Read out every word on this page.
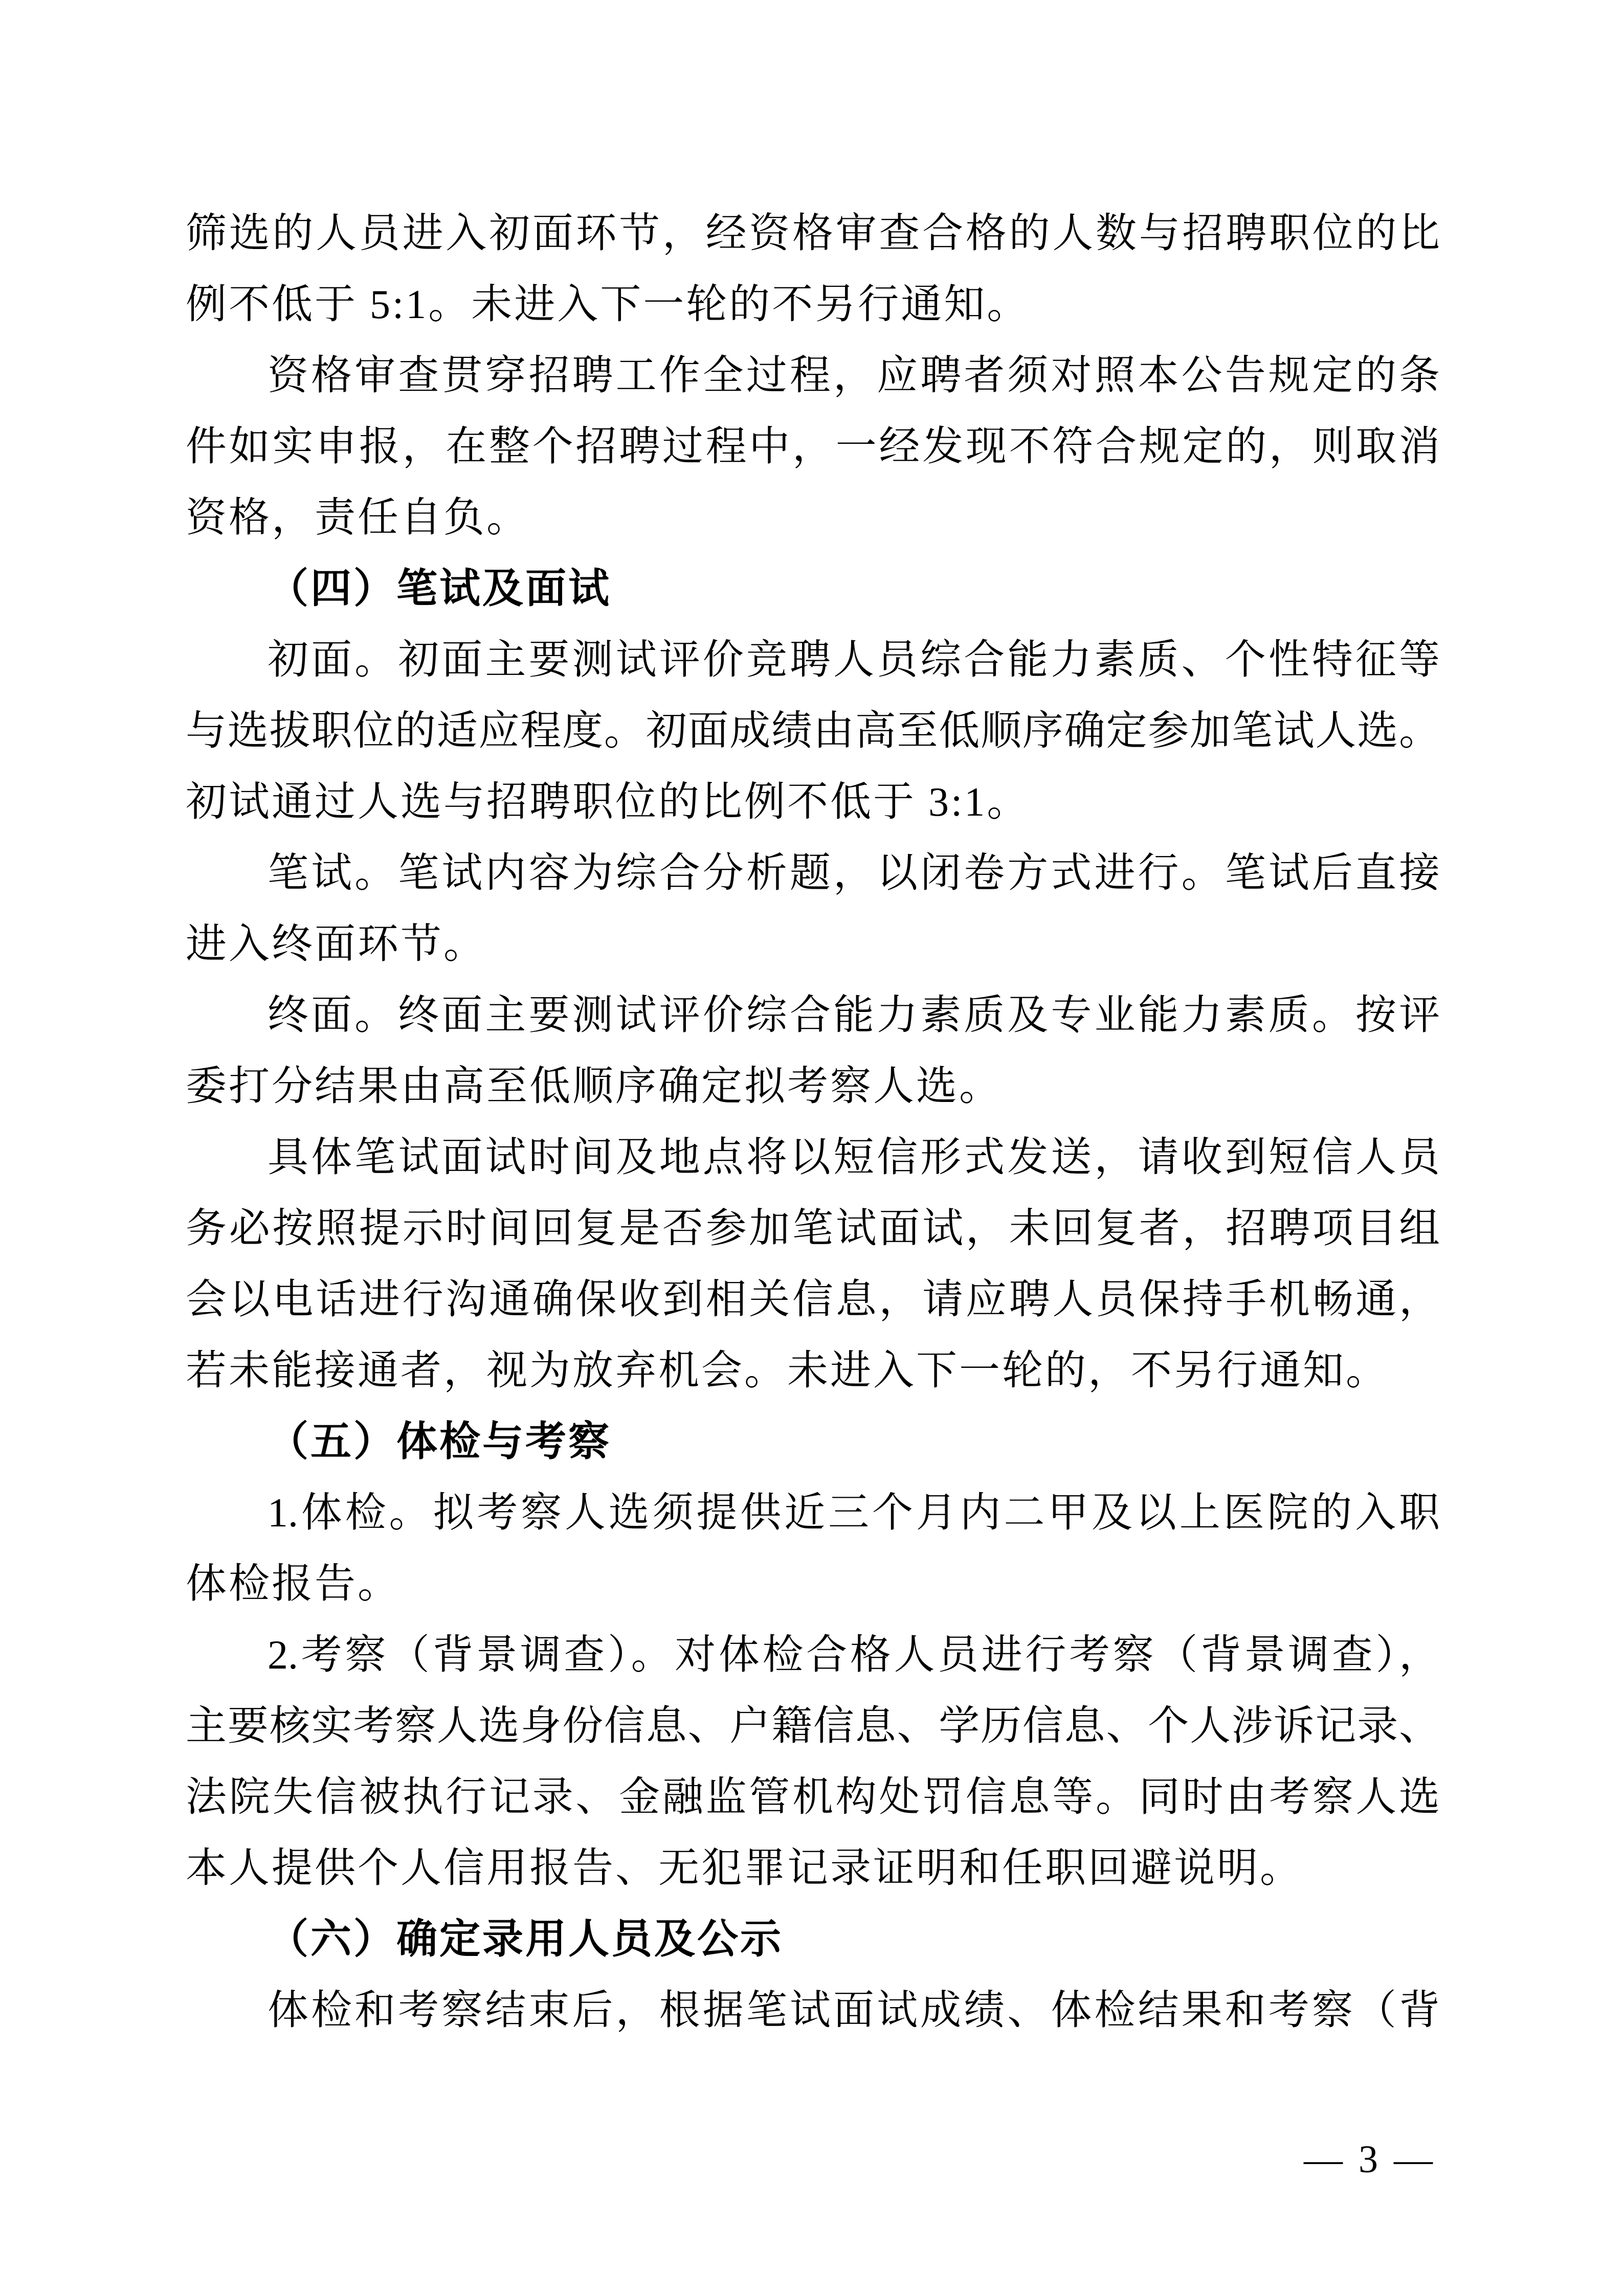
筛选的人员进入初面环节，经资格审查合格的人数与招聘职位的比
例不低于 5:1。未进入下一轮的不另行通知。
资格审查贯穿招聘工作全过程，应聘者须对照本公告规定的条
件如实申报，在整个招聘过程中，一经发现不符合规定的，则取消
资格，责任自负。
（四）笔试及面试
初面。初面主要测试评价竞聘人员综合能力素质、个性特征等
与选拔职位的适应程度。初面成绩由高至低顺序确定参加笔试人选。
初试通过人选与招聘职位的比例不低于 3:1。
笔试。笔试内容为综合分析题，以闭卷方式进行。笔试后直接
进入终面环节。
终面。终面主要测试评价综合能力素质及专业能力素质。按评
委打分结果由高至低顺序确定拟考察人选。
具体笔试面试时间及地点将以短信形式发送，请收到短信人员
务必按照提示时间回复是否参加笔试面试，未回复者，招聘项目组
会以电话进行沟通确保收到相关信息，请应聘人员保持手机畅通，
若未能接通者，视为放弃机会。未进入下一轮的，不另行通知。
（五）体检与考察
1.体检。拟考察人选须提供近三个月内二甲及以上医院的入职
体检报告。
2.考察（背景调查）。对体检合格人员进行考察（背景调查），
主要核实考察人选身份信息、户籍信息、学历信息、个人涉诉记录、
法院失信被执行记录、金融监管机构处罚信息等。同时由考察人选
本人提供个人信用报告、无犯罪记录证明和任职回避说明。
（六）确定录用人员及公示
体检和考察结束后，根据笔试面试成绩、体检结果和考察（背
— 3 —
